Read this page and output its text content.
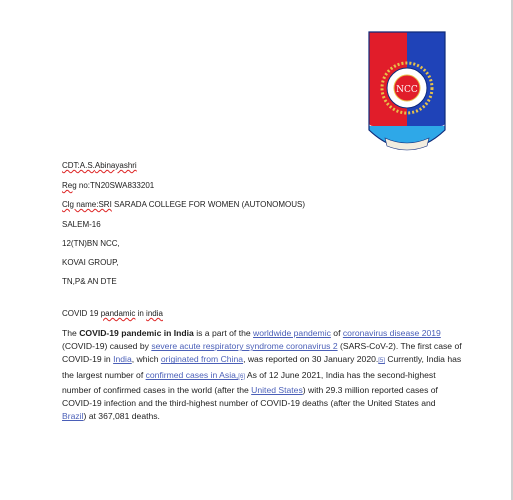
NCC
CDT:A.S.Abinayashri
Reg no:TN20SWA833201
Clg name:SRI SARADA COLLEGE FOR WOMEN (AUTONOMOUS)
SALEM-16
12(TN)BN NCC,
KOVAI GROUP,
TN,P& AN DTE
COVID 19 pandamic in india
The COVID-19 pandemic in India is a part of the worldwide pandemic of coronavirus disease 2019 (COVID-19) caused by severe acute respiratory syndrome coronavirus 2 (SARS-CoV-2). The first case of COVID-19 in India, which originated from China, was reported on 30 January 2020.[5] Currently, India has the largest number of confirmed cases in Asia,[6] As of 12 June 2021, India has the second-highest number of confirmed cases in the world (after the United States) with 29.3 million reported cases of COVID-19 infection and the third-highest number of COVID-19 deaths (after the United States and Brazil) at 367,081 deaths.
